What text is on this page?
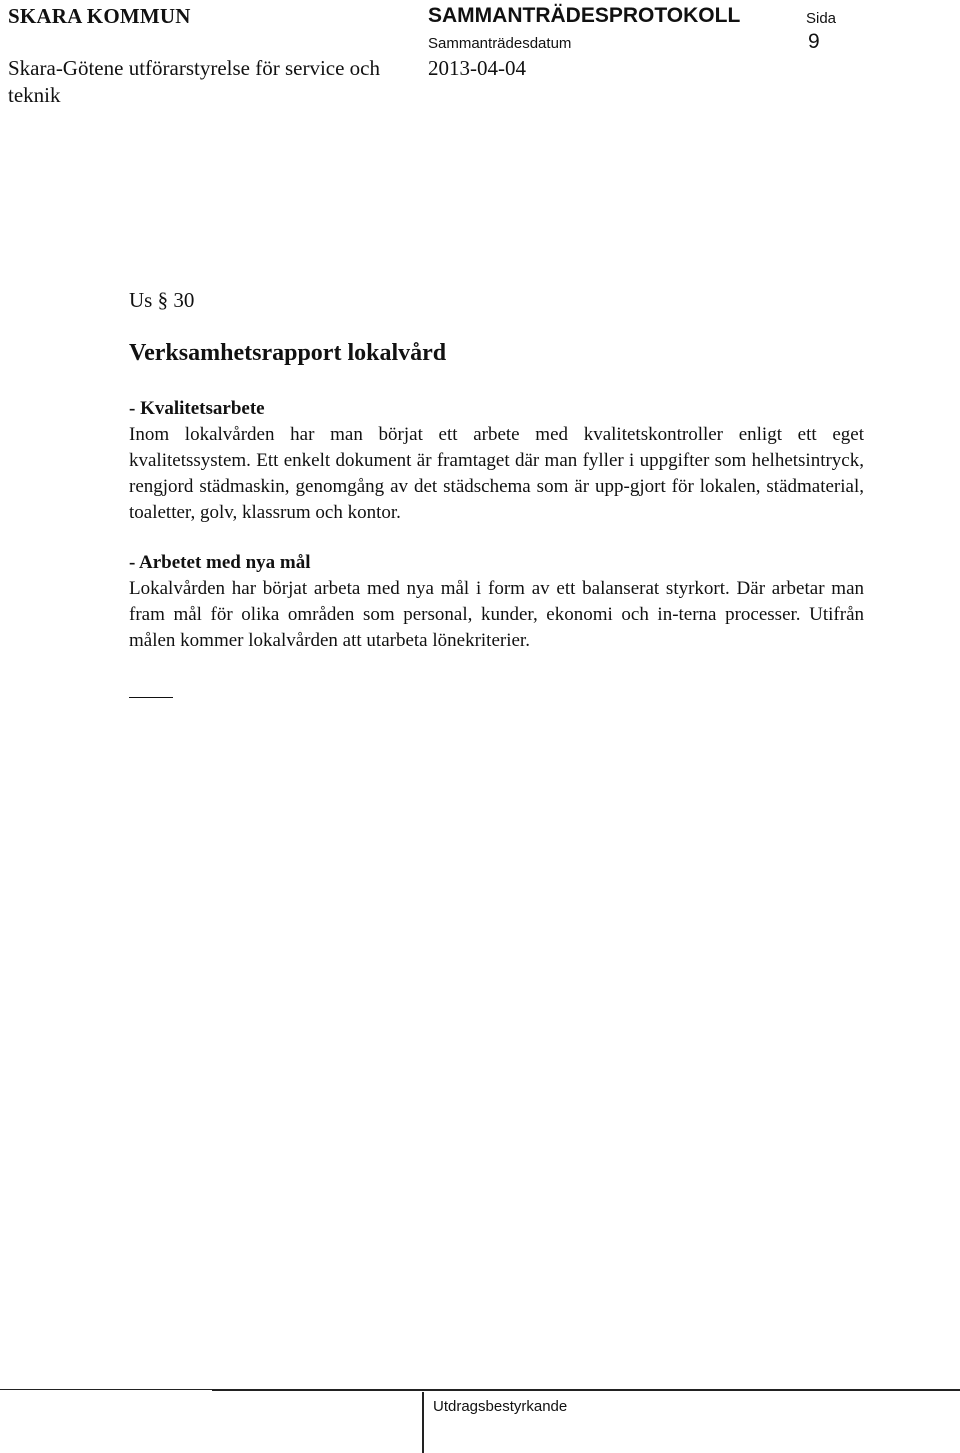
SKARA KOMMUN
Skara-Götene utförarstyrelse för service och teknik
SAMMANTRÄDESPROTOKOLL
Sammanträdesdatum
2013-04-04
Sida
9
Us § 30
Verksamhetsrapport lokalvård
- Kvalitetsarbete
Inom lokalvården har man börjat ett arbete med kvalitetskontroller enligt ett eget kvalitetssystem. Ett enkelt dokument är framtaget där man fyller i uppgifter som helhetsintryck, rengjord städmaskin, genomgång av det städschema som är upp-gjort för lokalen, städmaterial, toaletter, golv, klassrum och kontor.
- Arbetet med nya mål
Lokalvården har börjat arbeta med nya mål i form av ett balanserat styrkort. Där arbetar man fram mål för olika områden som personal, kunder, ekonomi och in-terna processer. Utifrån målen kommer lokalvården att utarbeta lönekriterier.
Utdragsbestyrkande
